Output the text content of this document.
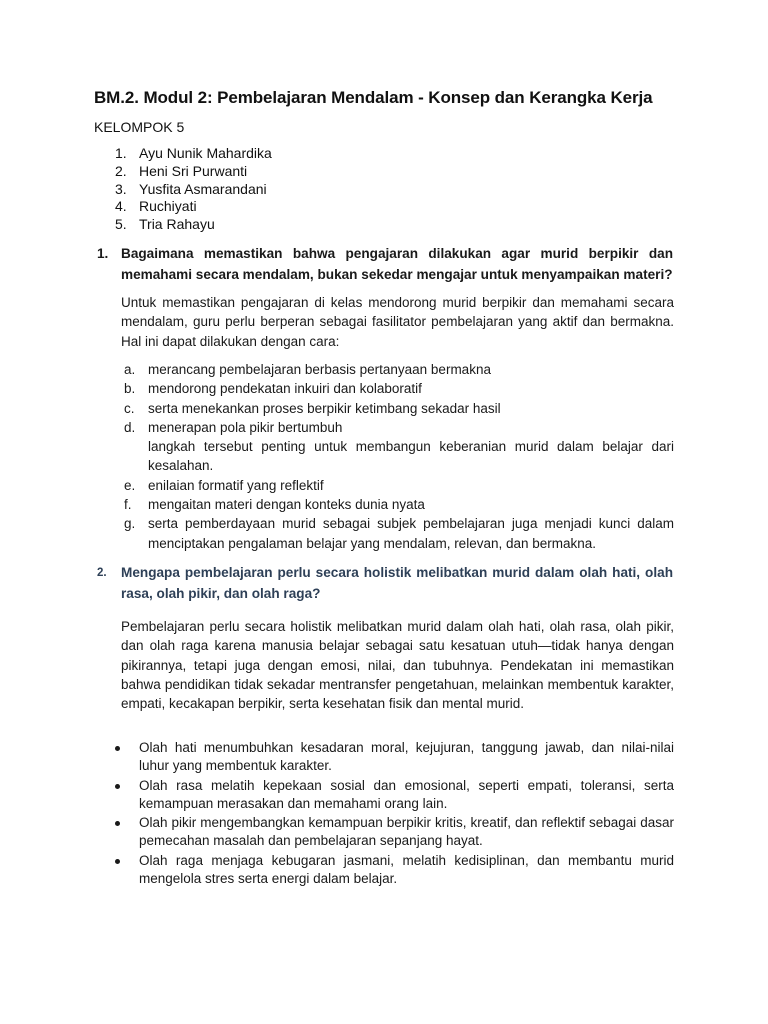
BM.2. Modul 2: Pembelajaran Mendalam - Konsep dan Kerangka Kerja
KELOMPOK 5
1. Ayu Nunik Mahardika
2. Heni Sri Purwanti
3. Yusfita Asmarandani
4. Ruchiyati
5. Tria Rahayu
1. Bagaimana memastikan bahwa pengajaran dilakukan agar murid berpikir dan memahami secara mendalam, bukan sekedar mengajar untuk menyampaikan materi?
Untuk memastikan pengajaran di kelas mendorong murid berpikir dan memahami secara mendalam, guru perlu berperan sebagai fasilitator pembelajaran yang aktif dan bermakna. Hal ini dapat dilakukan dengan cara:
a. merancang pembelajaran berbasis pertanyaan bermakna
b. mendorong pendekatan inkuiri dan kolaboratif
c. serta menekankan proses berpikir ketimbang sekadar hasil
d. menerapan pola pikir bertumbuh
langkah tersebut penting untuk membangun keberanian murid dalam belajar dari kesalahan.
e. enilaian formatif yang reflektif
f. mengaitan materi dengan konteks dunia nyata
g. serta pemberdayaan murid sebagai subjek pembelajaran juga menjadi kunci dalam menciptakan pengalaman belajar yang mendalam, relevan, dan bermakna.
2. Mengapa pembelajaran perlu secara holistik melibatkan murid dalam olah hati, olah rasa, olah pikir, dan olah raga?
Pembelajaran perlu secara holistik melibatkan murid dalam olah hati, olah rasa, olah pikir, dan olah raga karena manusia belajar sebagai satu kesatuan utuh—tidak hanya dengan pikirannya, tetapi juga dengan emosi, nilai, dan tubuhnya. Pendekatan ini memastikan bahwa pendidikan tidak sekadar mentransfer pengetahuan, melainkan membentuk karakter, empati, kecakapan berpikir, serta kesehatan fisik dan mental murid.
Olah hati menumbuhkan kesadaran moral, kejujuran, tanggung jawab, dan nilai-nilai luhur yang membentuk karakter.
Olah rasa melatih kepekaan sosial dan emosional, seperti empati, toleransi, serta kemampuan merasakan dan memahami orang lain.
Olah pikir mengembangkan kemampuan berpikir kritis, kreatif, dan reflektif sebagai dasar pemecahan masalah dan pembelajaran sepanjang hayat.
Olah raga menjaga kebugaran jasmani, melatih kedisiplinan, dan membantu murid mengelola stres serta energi dalam belajar.
